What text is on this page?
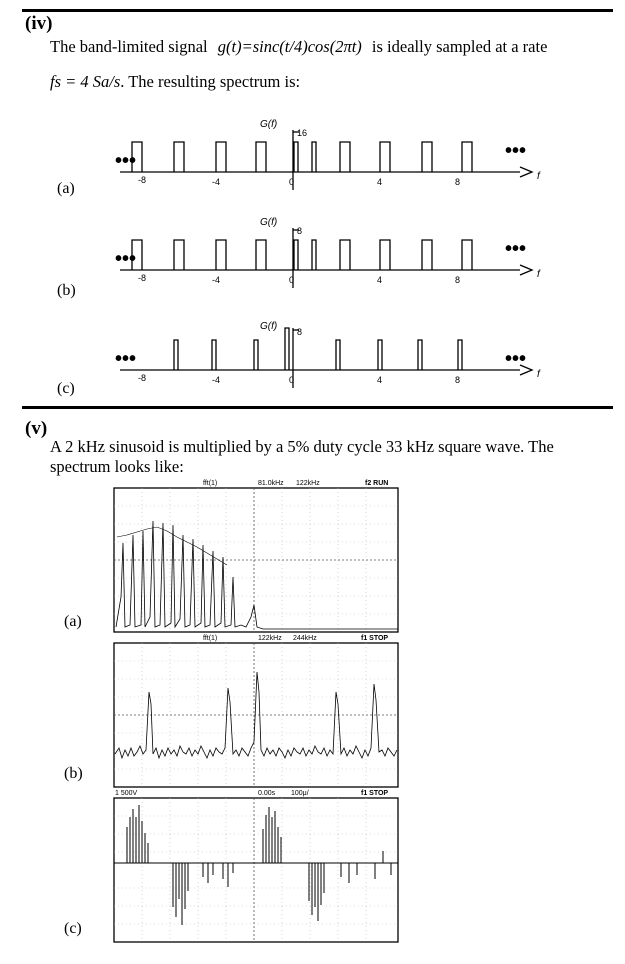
(iv)
The band-limited signal g(t)=sinc(t/4)cos(2πt) is ideally sampled at a rate
fs = 4 Sa/s. The resulting spectrum is:
•••	•••
G(f)
16
-8	-4	0	4	8	f
(a)
•••	•••
G(f)
8
-8	-4	0	4	8	f
(b)
•••	•••
G(f) 8
-8	-4	0	4	8	f
(c)
(v)
A 2 kHz sinusoid is multiplied by a 5% duty cycle 33 kHz square wave. The spectrum looks like:
fft(1)	81.0kHz 122kHz	f2 RUN
(a)
fft(1)	122kHz 244kHz	f1 STOP
(b)
1 500V	0.00s 100μ/	f1 STOP
(c)
